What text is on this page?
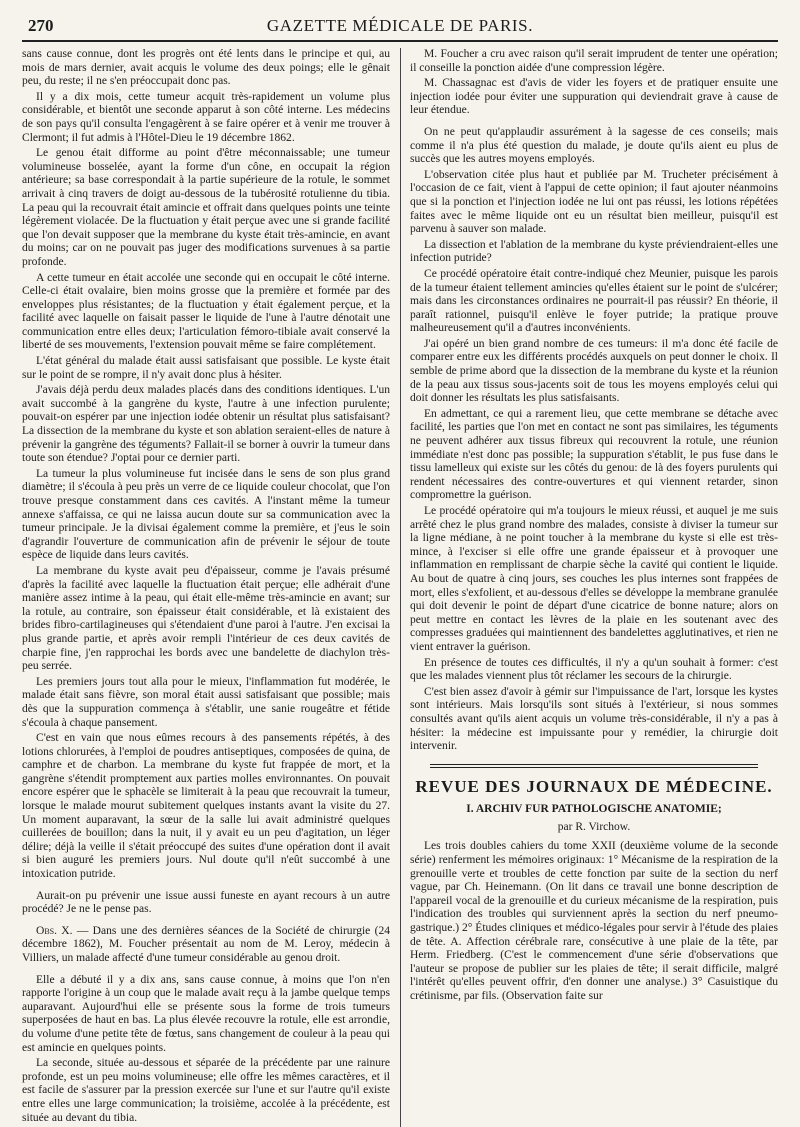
270	GAZETTE MÉDICALE DE PARIS.

sans cause connue, dont les progrès ont été lents dans le principe et qui, au mois de mars dernier, avait acquis le volume des deux poings; elle le gênait peu, du reste; il ne s'en préoccupait donc pas.

Il y a dix mois, cette tumeur acquit très-rapidement un volume plus considérable, et bientôt une seconde apparut à son côté interne. Les médecins de son pays qu'il consulta l'engagèrent à se faire opérer et à venir me trouver à Clermont; il fut admis à l'Hôtel-Dieu le 19 décembre 1862.

Le genou était difforme au point d'être méconnaissable; une tumeur volumineuse bosselée, ayant la forme d'un cône, en occupait la région antérieure; sa base correspondait à la partie supérieure de la rotule, le sommet arrivait à cinq travers de doigt au-dessous de la tubérosité rotulienne du tibia. La peau qui la recouvrait était amincie et offrait dans quelques points une teinte légèrement violacée. De la fluctuation y était perçue avec une si grande facilité que l'on devait supposer que la membrane du kyste était très-amincie, en avant du moins; car on ne pouvait pas juger des modifications survenues à sa partie profonde.

A cette tumeur en était accolée une seconde qui en occupait le côté interne. Celle-ci était ovalaire, bien moins grosse que la première et formée par des enveloppes plus résistantes; de la fluctuation y était également perçue, et la facilité avec laquelle on faisait passer le liquide de l'une à l'autre dénotait une communication entre elles deux; l'articulation fémoro-tibiale avait conservé la liberté de ses mouvements, l'extension pouvait même se faire complétement.

L'état général du malade était aussi satisfaisant que possible. Le kyste était sur le point de se rompre, il n'y avait donc plus à hésiter.

J'avais déjà perdu deux malades placés dans des conditions identiques. L'un avait succombé à la gangrène du kyste, l'autre à une infection purulente; pouvait-on espérer par une injection iodée obtenir un résultat plus satisfaisant? La dissection de la membrane du kyste et son ablation seraient-elles de nature à prévenir la gangrène des téguments? Fallait-il se borner à ouvrir la tumeur dans toute son étendue? J'optai pour ce dernier parti.

La tumeur la plus volumineuse fut incisée dans le sens de son plus grand diamètre; il s'écoula à peu près un verre de ce liquide couleur chocolat, que l'on trouve presque constamment dans ces cavités. A l'instant même la tumeur annexe s'affaissa, ce qui ne laissa aucun doute sur sa communication avec la tumeur principale. Je la divisai également comme la première, et j'eus le soin d'agrandir l'ouverture de communication afin de prévenir le séjour de toute espèce de liquide dans leurs cavités.

La membrane du kyste avait peu d'épaisseur, comme je l'avais présumé d'après la facilité avec laquelle la fluctuation était perçue; elle adhérait d'une manière assez intime à la peau, qui était elle-même très-amincie en avant; sur la rotule, au contraire, son épaisseur était considérable, et là existaient des brides fibro-cartilagineuses qui s'étendaient d'une paroi à l'autre. J'en excisai la plus grande partie, et après avoir rempli l'intérieur de ces deux cavités de charpie fine, j'en rapprochai les bords avec une bandelette de diachylon très-peu serrée.

Les premiers jours tout alla pour le mieux, l'inflammation fut modérée, le malade était sans fièvre, son moral était aussi satisfaisant que possible; mais dès que la suppuration commença à s'établir, une sanie rougeâtre et fétide s'écoula à chaque pansement.

C'est en vain que nous eûmes recours à des pansements répétés, à des lotions chlorurées, à l'emploi de poudres antiseptiques, composées de quina, de camphre et de charbon. La membrane du kyste fut frappée de mort, et la gangrène s'étendit promptement aux parties molles environnantes. On pouvait encore espérer que le sphacèle se limiterait à la peau que recouvrait la tumeur, lorsque le malade mourut subitement quelques instants avant la visite du 27. Un moment auparavant, la sœur de la salle lui avait administré quelques cuillerées de bouillon; dans la nuit, il y avait eu un peu d'agitation, un léger délire; déjà la veille il s'était préoccupé des suites d'une opération dont il avait si bien auguré les premiers jours. Nul doute qu'il n'eût succombé à une intoxication putride.

Aurait-on pu prévenir une issue aussi funeste en ayant recours à un autre procédé? Je ne le pense pas.

Obs. X. — Dans une des dernières séances de la Société de chirurgie (24 décembre 1862), M. Foucher présentait au nom de M. Leroy, médecin à Villiers, un malade affecté d'une tumeur considérable au genou droit.

Elle a débuté il y a dix ans, sans cause connue, à moins que l'on n'en rapporte l'origine à un coup que le malade avait reçu à la jambe quelque temps auparavant. Aujourd'hui elle se présente sous la forme de trois tumeurs superposées de haut en bas. La plus élevée recouvre la rotule, elle est arrondie, du volume d'une petite tête de fœtus, sans changement de couleur à la peau qui est amincie en quelques points.

La seconde, située au-dessous et séparée de la précédente par une rainure profonde, est un peu moins volumineuse; elle offre les mêmes caractères, et il est facile de s'assurer par la pression exercée sur l'une et sur l'autre qu'il existe entre elles une large communication; la troisième, accolée à la précédente, est située au devant du tibia.

M. Foucher a cru avec raison qu'il serait imprudent de tenter une opération; il conseille la ponction aidée d'une compression légère.

M. Chassagnac est d'avis de vider les foyers et de pratiquer ensuite une injection iodée pour éviter une suppuration qui deviendrait grave à cause de leur étendue.

On ne peut qu'applaudir assurément à la sagesse de ces conseils; mais comme il n'a plus été question du malade, je doute qu'ils aient eu plus de succès que les autres moyens employés.

L'observation citée plus haut et publiée par M. Trucheter précisément à l'occasion de ce fait, vient à l'appui de cette opinion; il faut ajouter néanmoins que si la ponction et l'injection iodée ne lui ont pas réussi, les lotions répétées faites avec le même liquide ont eu un résultat bien meilleur, puisqu'il est parvenu à sauver son malade.

La dissection et l'ablation de la membrane du kyste préviendraient-elles une infection putride?

Ce procédé opératoire était contre-indiqué chez Meunier, puisque les parois de la tumeur étaient tellement amincies qu'elles étaient sur le point de s'ulcérer; mais dans les circonstances ordinaires ne pourrait-il pas réussir? En théorie, il paraît rationnel, puisqu'il enlève le foyer putride; la pratique prouve malheureusement qu'il a d'autres inconvénients.

J'ai opéré un bien grand nombre de ces tumeurs: il m'a donc été facile de comparer entre eux les différents procédés auxquels on peut donner le choix. Il semble de prime abord que la dissection de la membrane du kyste et la réunion de la peau aux tissus sous-jacents soit de tous les moyens employés celui qui doit donner les résultats les plus satisfaisants.

En admettant, ce qui a rarement lieu, que cette membrane se détache avec facilité, les parties que l'on met en contact ne sont pas similaires, les téguments ne peuvent adhérer aux tissus fibreux qui recouvrent la rotule, une réunion immédiate n'est donc pas possible; la suppuration s'établit, le pus fuse dans le tissu lamelleux qui existe sur les côtés du genou: de là des foyers purulents qui rendent nécessaires des contre-ouvertures et qui viennent retarder, sinon compromettre la guérison.

Le procédé opératoire qui m'a toujours le mieux réussi, et auquel je me suis arrêté chez le plus grand nombre des malades, consiste à diviser la tumeur sur la ligne médiane, à ne point toucher à la membrane du kyste si elle est très-mince, à l'exciser si elle offre une grande épaisseur et à provoquer une inflammation en remplissant de charpie sèche la cavité qui contient le liquide. Au bout de quatre à cinq jours, ses couches les plus internes sont frappées de mort, elles s'exfolient, et au-dessous d'elles se développe la membrane granulée qui doit devenir le point de départ d'une cicatrice de bonne nature; alors on peut mettre en contact les lèvres de la plaie en les soutenant avec des compresses graduées qui maintiennent des bandelettes agglutinatives, et rien ne vient entraver la guérison.

En présence de toutes ces difficultés, il n'y a qu'un souhait à former: c'est que les malades viennent plus tôt réclamer les secours de la chirurgie.

C'est bien assez d'avoir à gémir sur l'impuissance de l'art, lorsque les kystes sont intérieurs. Mais lorsqu'ils sont situés à l'extérieur, si nous sommes consultés avant qu'ils aient acquis un volume très-considérable, il n'y a pas à hésiter: la médecine est impuissante pour y remédier, la chirurgie doit intervenir.

REVUE DES JOURNAUX DE MÉDECINE.
I. ARCHIV FUR PATHOLOGISCHE ANATOMIE;
par R. Virchow.

Les trois doubles cahiers du tome XXII (deuxième volume de la seconde série) renferment les mémoires originaux: 1° Mécanisme de la respiration de la grenouille verte et troubles de cette fonction par suite de la section du nerf vague, par Ch. Heinemann. (On lit dans ce travail une bonne description de l'appareil vocal de la grenouille et du curieux mécanisme de la respiration, puis l'indication des troubles qui surviennent après la section du nerf pneumo-gastrique.) 2° Études cliniques et médico-légales pour servir à l'étude des plaies de tête. A. Affection cérébrale rare, consécutive à une plaie de la tête, par Herm. Friedberg. (C'est le commencement d'une série d'observations que l'auteur se propose de publier sur les plaies de tête; il serait difficile, malgré l'intérêt qu'elles peuvent offrir, d'en donner une analyse.) 3° Casuistique du crétinisme, par fils. (Observation faite sur
